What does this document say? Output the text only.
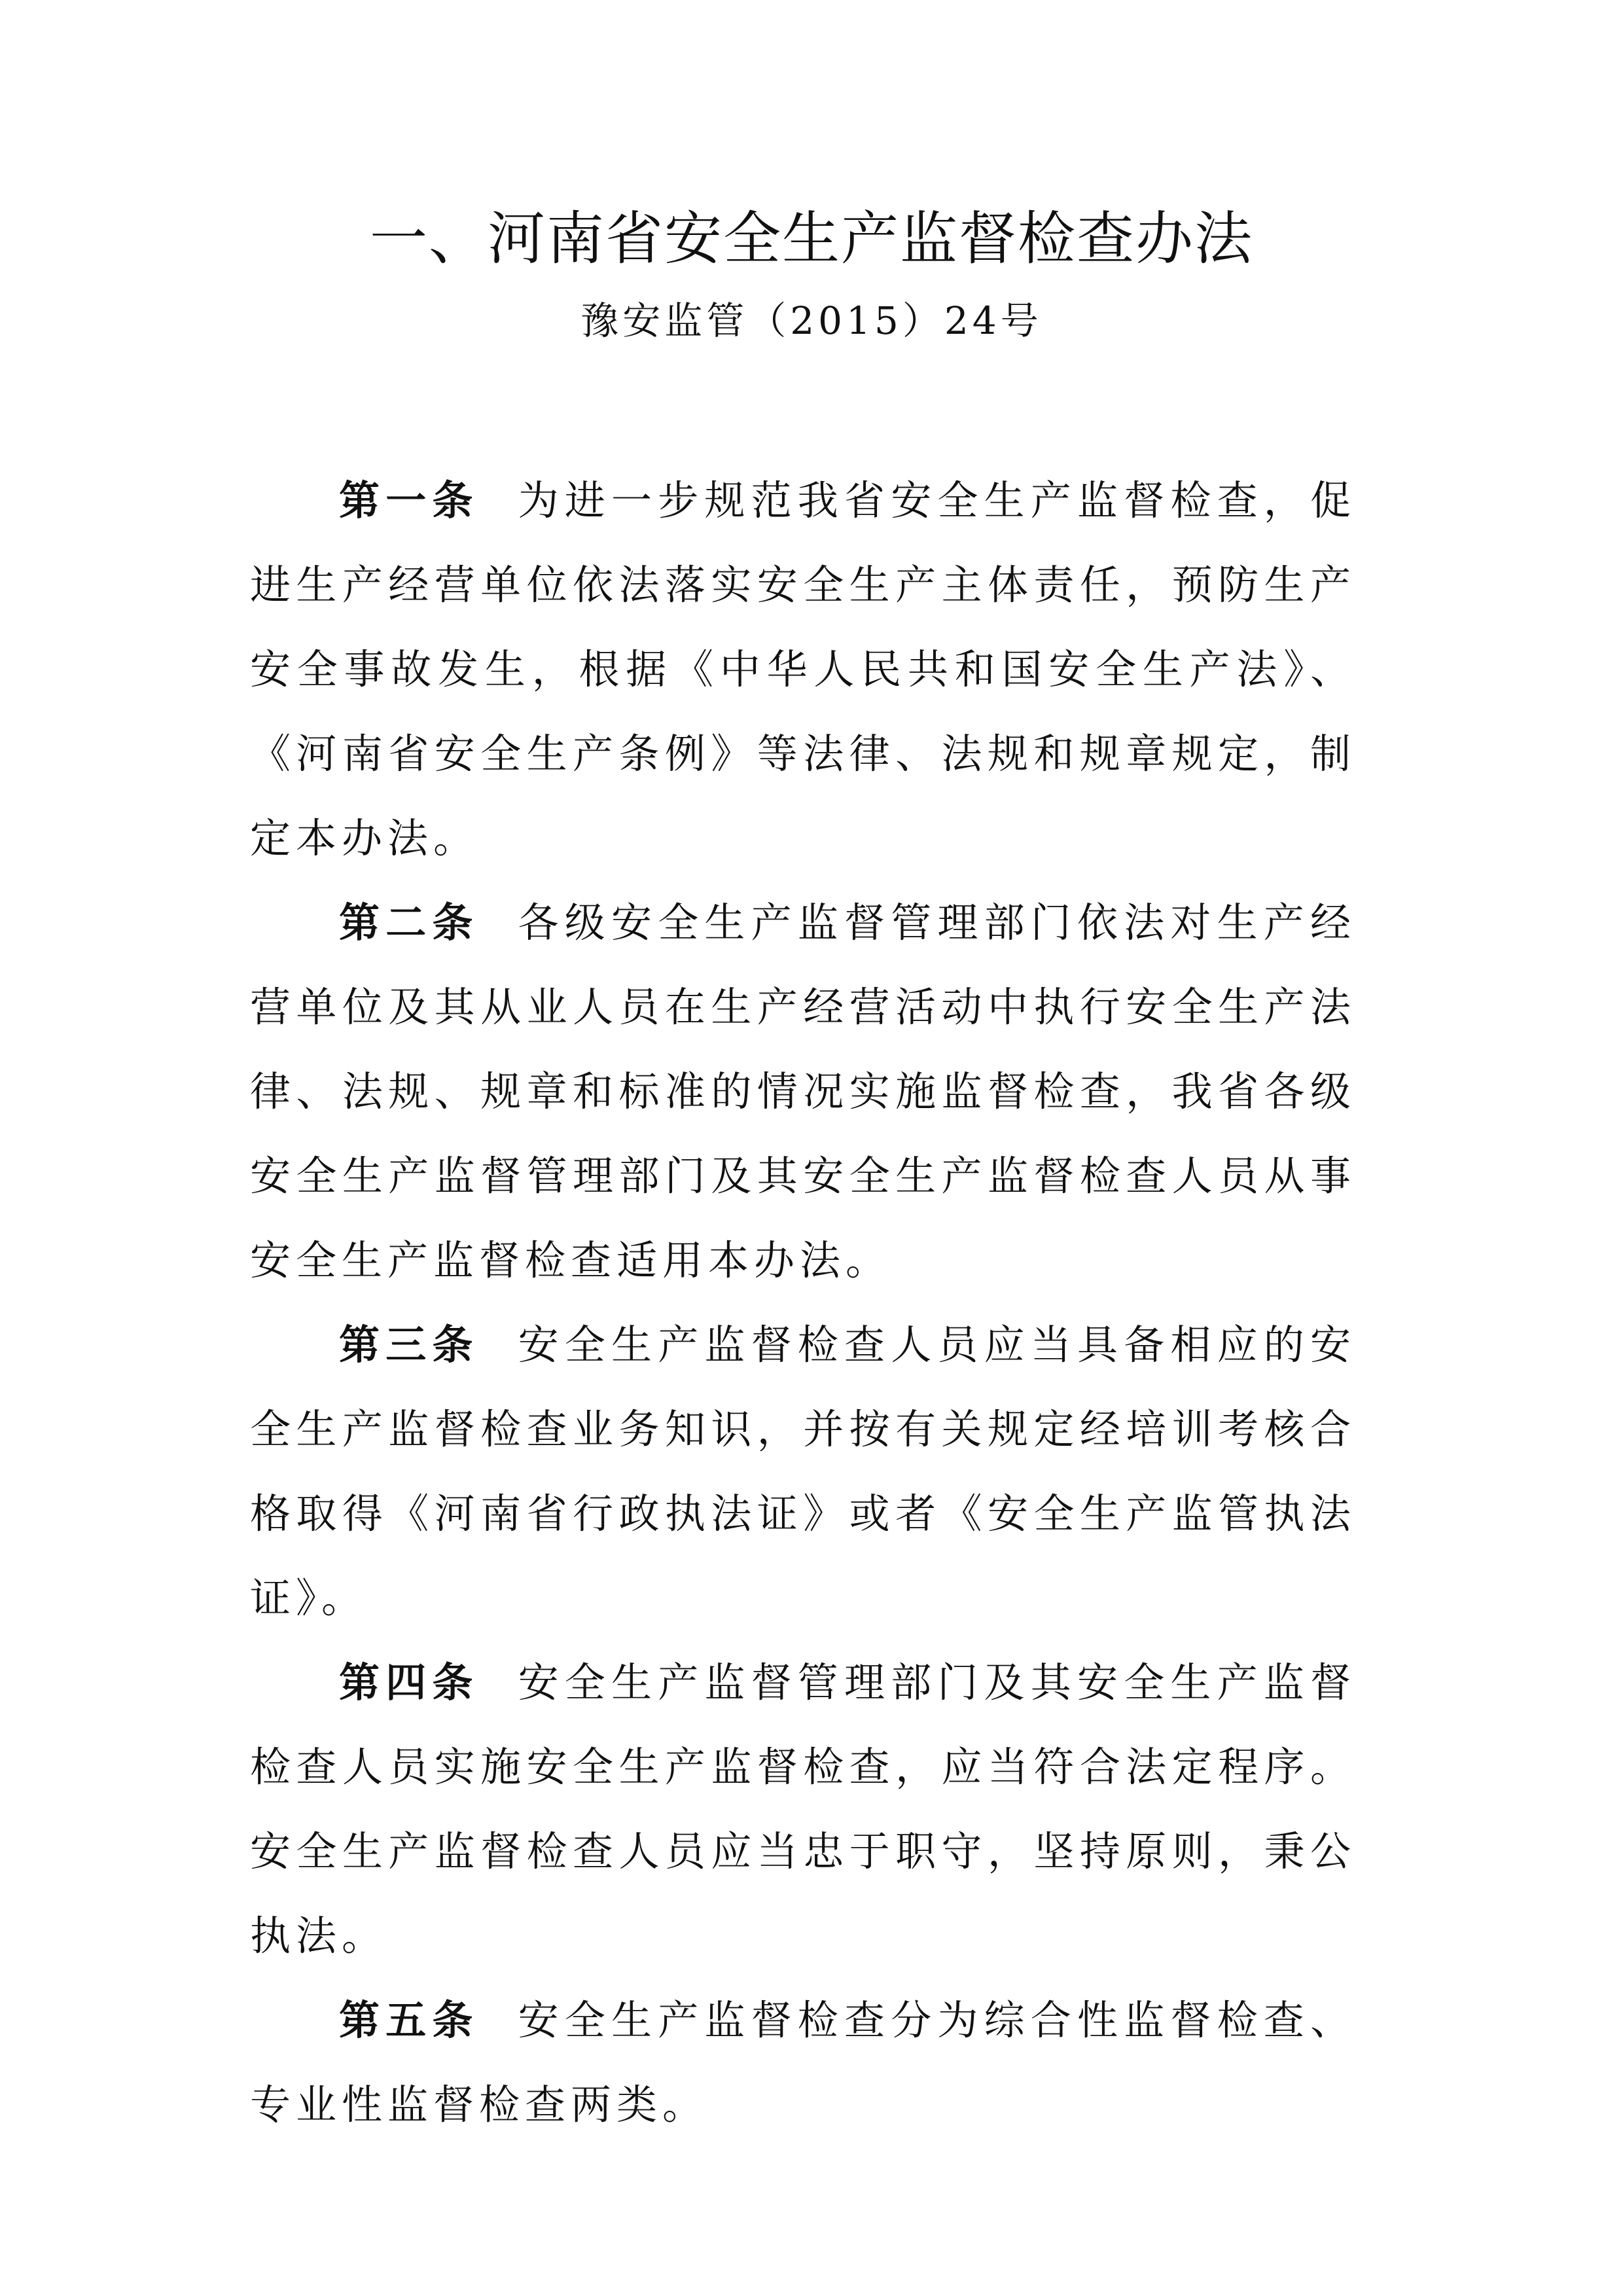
一、河南省安全生产监督检查办法
豫安监管（2015）24号

第一条 为进一步规范我省安全生产监督检查，促进生产经营单位依法落实安全生产主体责任，预防生产安全事故发生，根据《中华人民共和国安全生产法》、《河南省安全生产条例》等法律、法规和规章规定，制定本办法。

第二条 各级安全生产监督管理部门依法对生产经营单位及其从业人员在生产经营活动中执行安全生产法律、法规、规章和标准的情况实施监督检查，我省各级安全生产监督管理部门及其安全生产监督检查人员从事安全生产监督检查适用本办法。

第三条 安全生产监督检查人员应当具备相应的安全生产监督检查业务知识，并按有关规定经培训考核合格取得《河南省行政执法证》或者《安全生产监管执法证》。

第四条 安全生产监督管理部门及其安全生产监督检查人员实施安全生产监督检查，应当符合法定程序。安全生产监督检查人员应当忠于职守，坚持原则，秉公执法。

第五条 安全生产监督检查分为综合性监督检查、专业性监督检查两类。
